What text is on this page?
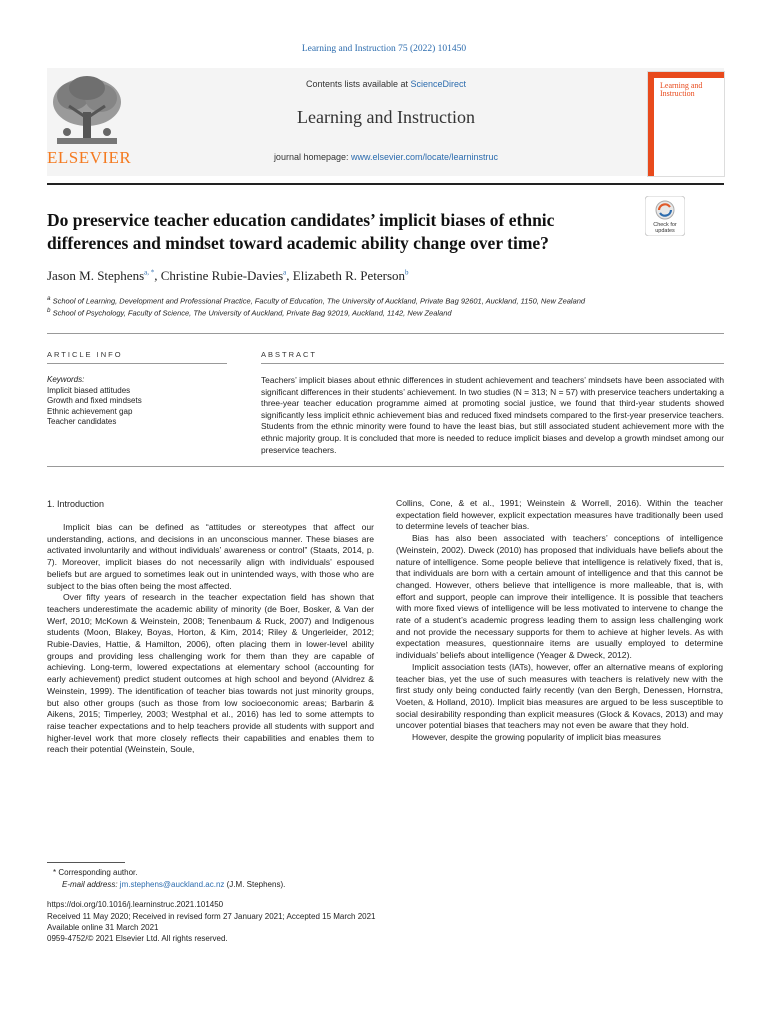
Learning and Instruction 75 (2022) 101450
ELSEVIER
Contents lists available at ScienceDirect
Learning and Instruction
journal homepage: www.elsevier.com/locate/learninstruc
Learning and Instruction
Do preservice teacher education candidates’ implicit biases of ethnic differences and mindset toward academic ability change over time?
Check for
updates
Jason M. Stephens$^{a, *}$, Christine Rubie-Davies$^a$, Elizabeth R. Peterson$^b$
$^a$ School of Learning, Development and Professional Practice, Faculty of Education, The University of Auckland, Private Bag 92601, Auckland, 1150, New Zealand
$^b$ School of Psychology, Faculty of Science, The University of Auckland, Private Bag 92019, Auckland, 1142, New Zealand
ARTICLE INFO	ABSTRACT
Keywords:
Implicit biased attitudes
Growth and fixed mindsets
Ethnic achievement gap
Teacher candidates
Teachers’ implicit biases about ethnic differences in student achievement and teachers’ mindsets have been associated with significant differences in their students’ achievement. In two studies (N = 313; N = 57) with preservice teachers undertaking a three-year teacher education programme aimed at promoting social justice, we found that third-year students showed significantly less implicit ethnic achievement bias and reduced fixed mindsets compared to the first-year preservice teachers. Students from the ethnic minority were found to have the least bias, but still associated student achievement more with the ethnic majority group. It is concluded that more is needed to reduce implicit biases and develop a growth mindset among our preservice teachers.
1. Introduction

Implicit bias can be defined as “attitudes or stereotypes that affect our understanding, actions, and decisions in an unconscious manner. These biases are activated involuntarily and without individuals’ awareness or control” (Staats, 2014, p. 7). Moreover, implicit biases do not necessarily align with individuals’ espoused beliefs but are argued to sometimes leak out in unintended ways, with those who are subject to the bias often being the most affected.

Over fifty years of research in the teacher expectation field has shown that teachers underestimate the academic ability of minority (de Boer, Bosker, & Van der Werf, 2010; McKown & Weinstein, 2008; Tenenbaum & Ruck, 2007) and Indigenous students (Moon, Blakey, Boyas, Horton, & Kim, 2014; Riley & Ungerleider, 2012; Rubie-Davies, Hattie, & Hamilton, 2006), often placing them in lower-level ability groups and providing less challenging work for them than they are capable of achieving. Long-term, lowered expectations at elementary school (accounting for early achievement) predict student outcomes at high school and beyond (Alvidrez & Weinstein, 1999). The identification of teacher bias towards not just minority groups, but also other groups (such as those from low socioeconomic areas; Barbarin & Aikens, 2015; Timperley, 2003; Westphal et al., 2016) has led to some attempts to raise teacher expectations and to help teachers provide all students with support and higher-level work that more closely reflects their capabilities and enables them to reach their potential (Weinstein, Soule,

Collins, Cone, & et al., 1991; Weinstein & Worrell, 2016). Within the teacher expectation field however, explicit expectation measures have traditionally been used to determine levels of teacher bias.

Bias has also been associated with teachers’ conceptions of intelligence (Weinstein, 2002). Dweck (2010) has proposed that individuals have beliefs about the nature of intelligence. Some people believe that intelligence is relatively fixed, that is, that individuals are born with a certain amount of intelligence and that this cannot be changed. However, others believe that intelligence is more malleable, that is, with effort and support, people can improve their intelligence. It is possible that teachers with more fixed views of intelligence will be less motivated to intervene to change the rate of a student’s academic progress leading them to assign less challenging work and not provide the necessary supports for them to achieve at higher levels. As with expectation measures, questionnaire items are usually employed to determine individuals’ beliefs about intelligence (Yeager & Dweck, 2012).

Implicit association tests (IATs), however, offer an alternative means of exploring teacher bias, yet the use of such measures with teachers is relatively new with the first study only being conducted fairly recently (van den Bergh, Denessen, Hornstra, Voeten, & Holland, 2010). Implicit bias measures are argued to be less susceptible to social desirability responding than explicit measures (Glock & Kovacs, 2013) and may uncover potential biases that teachers may not even be aware that they hold.

However, despite the growing popularity of implicit bias measures

* Corresponding author.
E-mail address: jm.stephens@auckland.ac.nz (J.M. Stephens).
https://doi.org/10.1016/j.learninstruc.2021.101450
Received 11 May 2020; Received in revised form 27 January 2021; Accepted 15 March 2021
Available online 31 March 2021
0959-4752/© 2021 Elsevier Ltd. All rights reserved.
